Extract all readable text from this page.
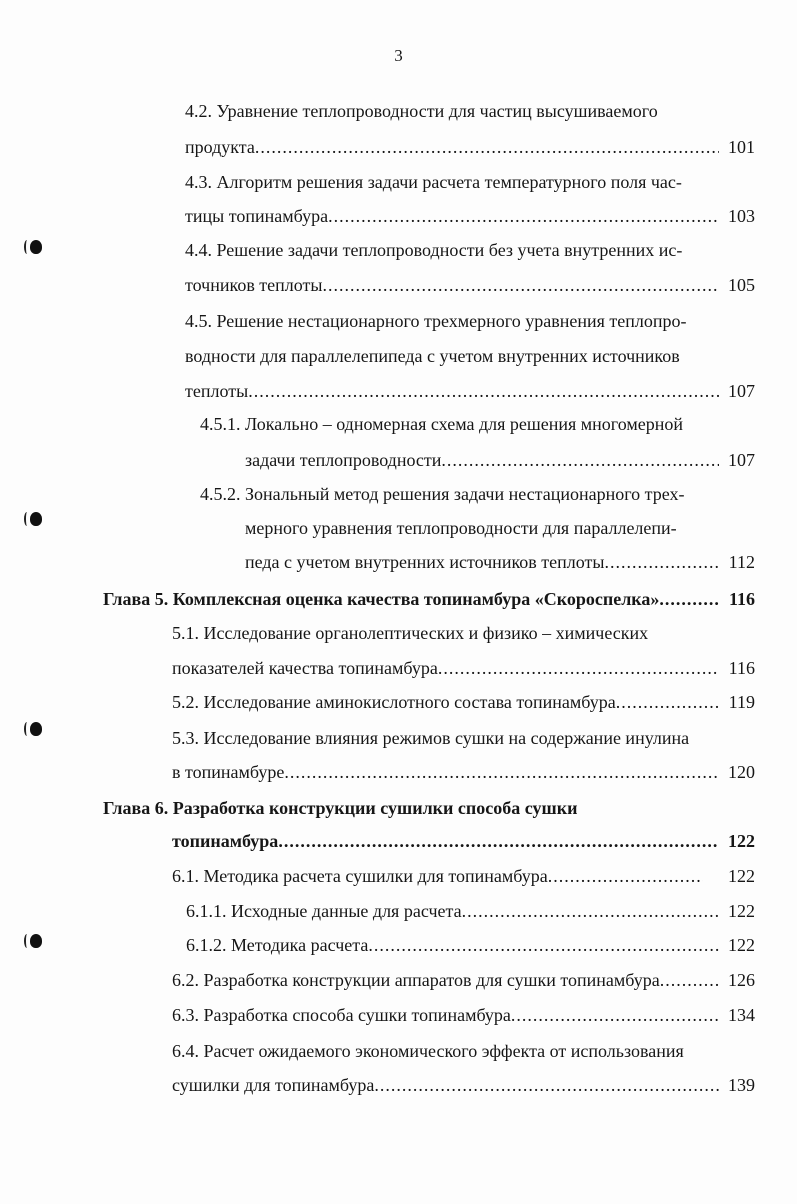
3
4.2. Уравнение теплопроводности для частиц высушиваемого
продукта .....	101
4.3. Алгоритм решения задачи расчета температурного поля час-
тицы топинамбура .....	103
4.4. Решение задачи теплопроводности без учета внутренних ис-
точников теплоты .....	105
4.5. Решение нестационарного трехмерного уравнения теплопро-
водности для параллелепипеда с учетом внутренних источников
теплоты .....	107
4.5.1. Локально – одномерная схема для решения многомерной
задачи теплопроводности .....	107
4.5.2. Зональный метод решения задачи нестационарного трех-
мерного уравнения теплопроводности для параллелепи-
педа с учетом внутренних источников теплоты .....	112
Глава 5. Комплексная оценка качества топинамбура «Скороспелка» .....	116
5.1. Исследование органолептических и физико – химических
показателей качества топинамбура .....	116
5.2. Исследование аминокислотного состава топинамбура .....	119
5.3. Исследование влияния режимов сушки на содержание инулина
в топинамбуре .....	120
Глава 6. Разработка конструкции сушилки способа сушки
топинамбура .....	122
6.1. Методика расчета сушилки для топинамбура .....	122
6.1.1. Исходные данные для расчета .....	122
6.1.2. Методика расчета .....	122
6.2. Разработка конструкции аппаратов для сушки топинамбура .....	126
6.3. Разработка способа сушки топинамбура .....	134
6.4. Расчет ожидаемого экономического эффекта от использования
сушилки для топинамбура .....	139
